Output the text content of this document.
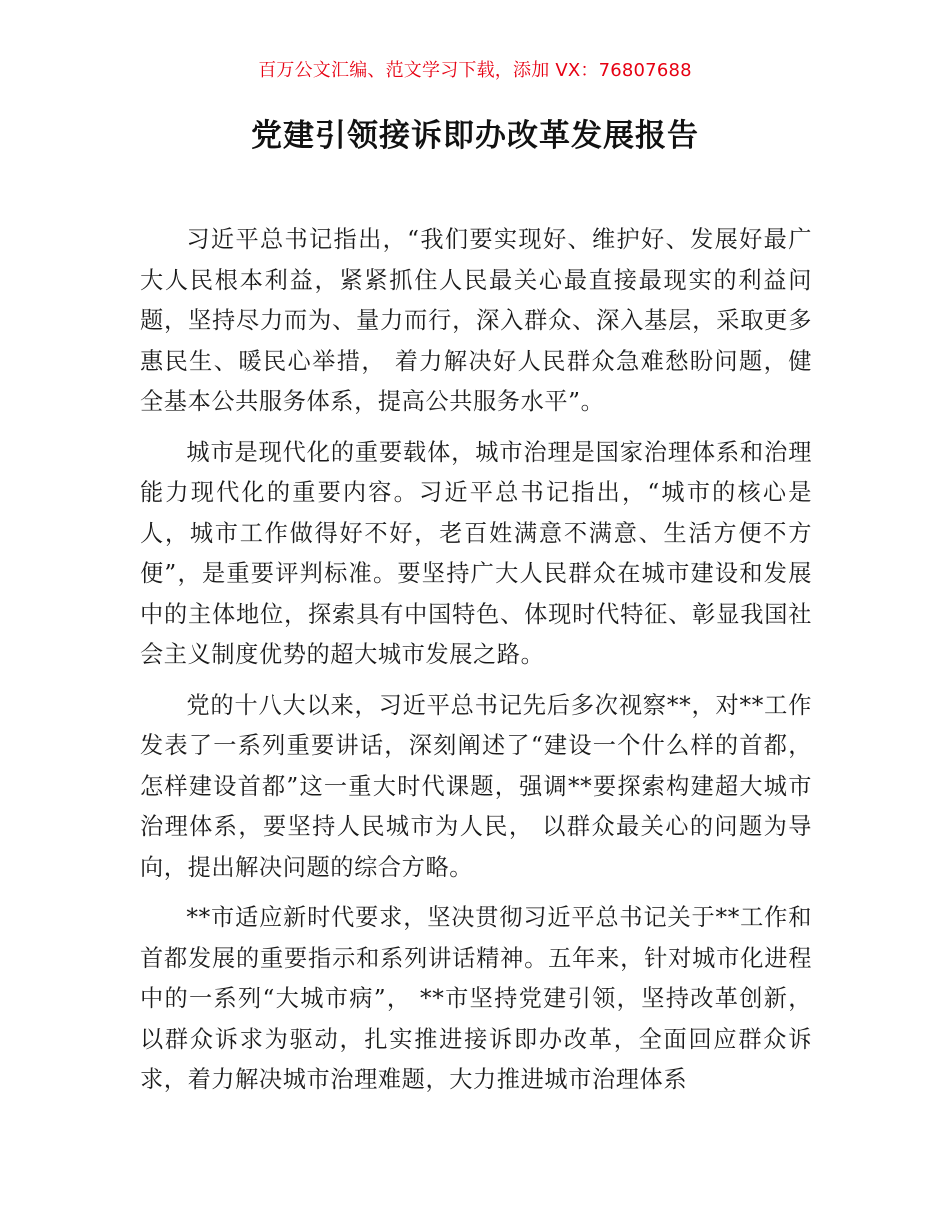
百万公文汇编、范文学习下载，添加 VX：76807688
党建引领接诉即办改革发展报告

习近平总书记指出，“我们要实现好、维护好、发展好最广大人民根本利益，紧紧抓住人民最关心最直接最现实的利益问题，坚持尽力而为、量力而行，深入群众、深入基层，采取更多惠民生、暖民心举措， 着力解决好人民群众急难愁盼问题，健全基本公共服务体系，提高公共服务水平”。

城市是现代化的重要载体，城市治理是国家治理体系和治理能力现代化的重要内容。习近平总书记指出，“城市的核心是人，城市工作做得好不好，老百姓满意不满意、生活方便不方便”，是重要评判标准。要坚持广大人民群众在城市建设和发展中的主体地位，探索具有中国特色、体现时代特征、彰显我国社会主义制度优势的超大城市发展之路。

党的十八大以来，习近平总书记先后多次视察**，对**工作发表了一系列重要讲话，深刻阐述了“建设一个什么样的首都，怎样建设首都”这一重大时代课题，强调**要探索构建超大城市治理体系，要坚持人民城市为人民， 以群众最关心的问题为导向，提出解决问题的综合方略。

**市适应新时代要求，坚决贯彻习近平总书记关于**工作和首都发展的重要指示和系列讲话精神。五年来，针对城市化进程中的一系列“大城市病”， **市坚持党建引领，坚持改革创新，以群众诉求为驱动，扎实推进接诉即办改革，全面回应群众诉求，着力解决城市治理难题，大力推进城市治理体系
